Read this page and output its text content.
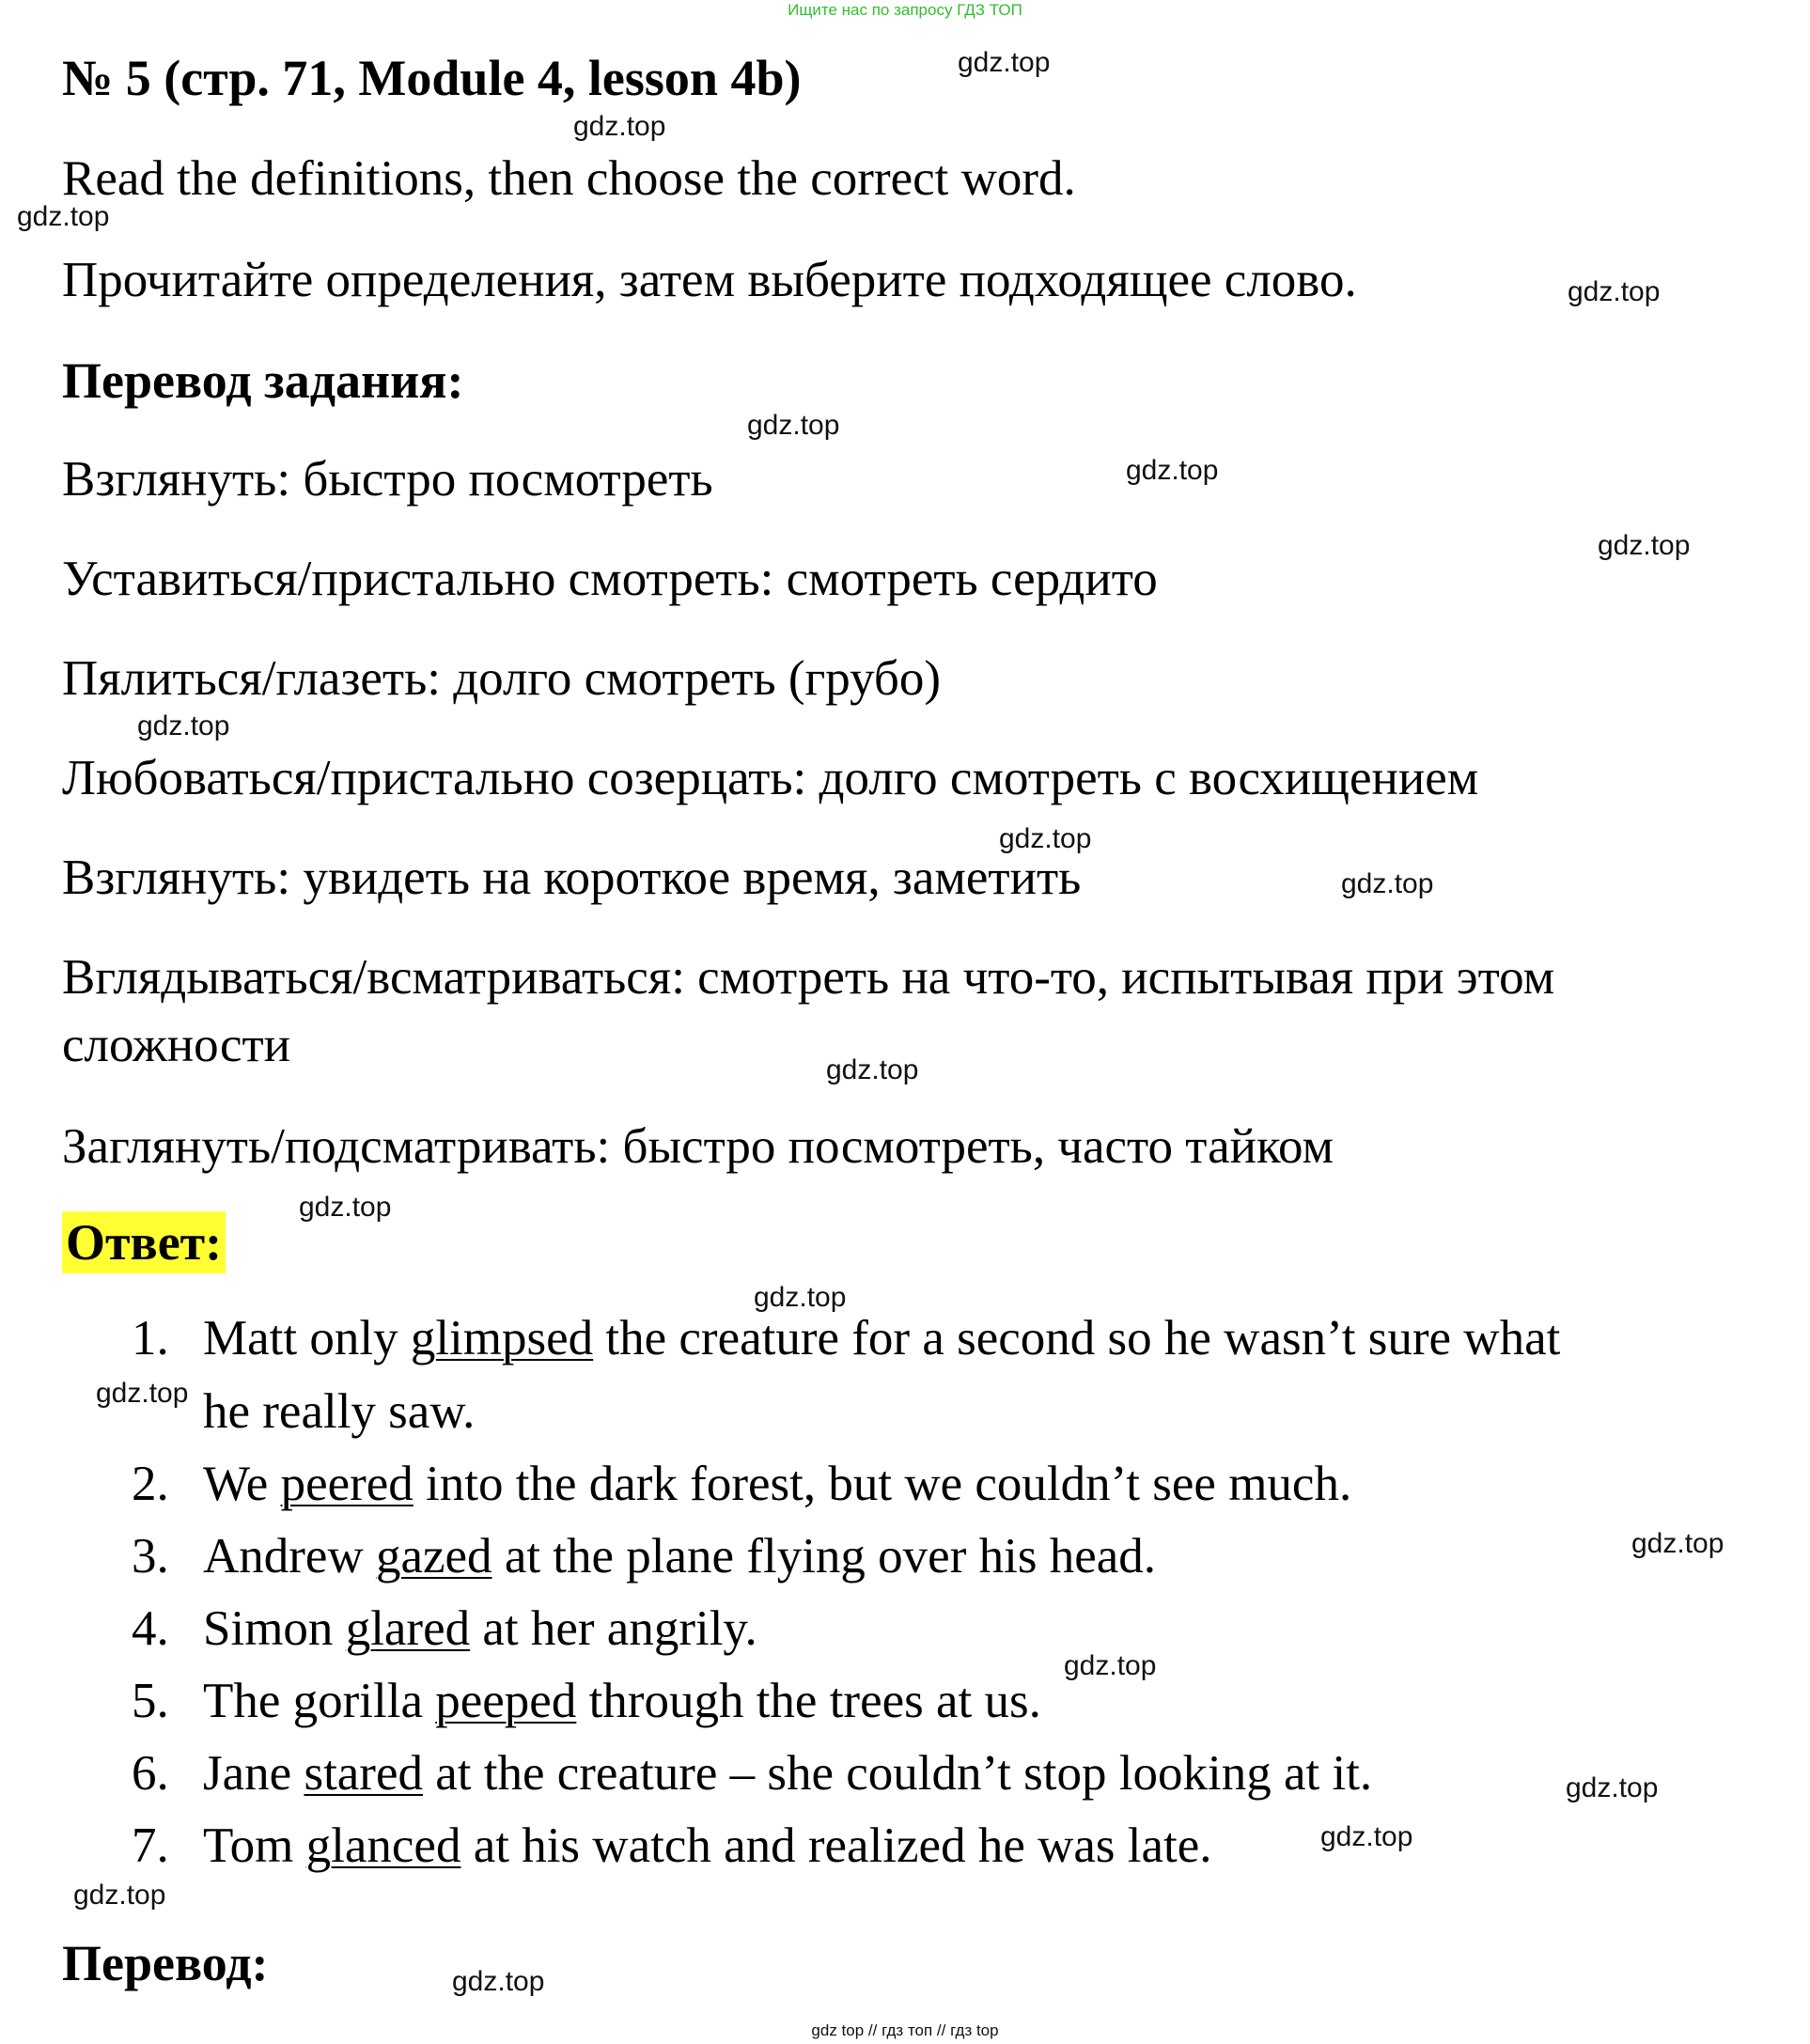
Ищите нас по запросу ГДЗ ТОП
№ 5 (стр. 71, Module 4, lesson 4b)
Read the definitions, then choose the correct word.
Прочитайте определения, затем выберите подходящее слово.
Перевод задания:
Взглянуть: быстро посмотреть
Уставиться/пристально смотреть: смотреть сердито
Пялиться/глазеть: долго смотреть (грубо)
Любоваться/пристально созерцать: долго смотреть с восхищением
Взглянуть: увидеть на короткое время, заметить
Вглядываться/всматриваться: смотреть на что-то, испытывая при этом
сложности
Заглянуть/подсматривать: быстро посмотреть, часто тайком
Ответ:
1. Matt only glimpsed the creature for a second so he wasn’t sure what
he really saw.
2. We peered into the dark forest, but we couldn’t see much.
3. Andrew gazed at the plane flying over his head.
4. Simon glared at her angrily.
5. The gorilla peeped through the trees at us.
6. Jane stared at the creature – she couldn’t stop looking at it.
7. Tom glanced at his watch and realized he was late.
Перевод:
gdz.top
gdz.top
gdz.top
gdz.top
gdz.top
gdz.top
gdz.top
gdz.top
gdz.top
gdz.top
gdz.top
gdz.top
gdz.top
gdz.top
gdz.top
gdz.top
gdz.top
gdz.top
gdz.top
gdz.top
gdz top // гдз топ // гдз top
